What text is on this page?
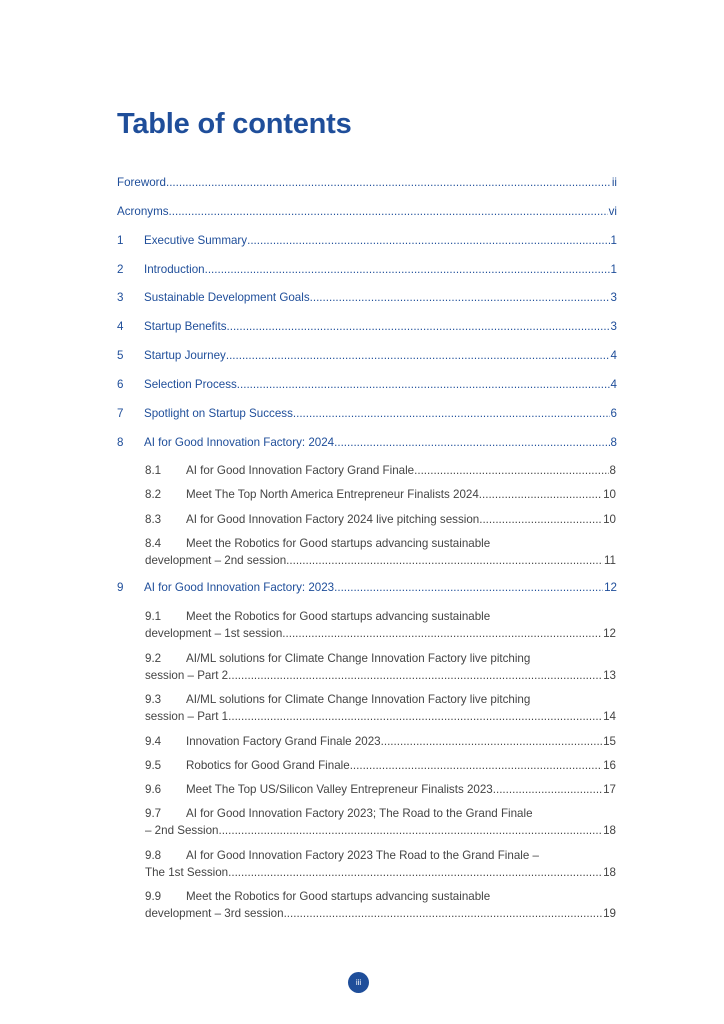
Table of contents
Foreword .....	ii
Acronyms .....	vi
1	Executive Summary .....	1
2	Introduction .....	1
3	Sustainable Development Goals .....	3
4	Startup Benefits .....	3
5	Startup Journey .....	4
6	Selection Process .....	4
7	Spotlight on Startup Success .....	6
8	AI for Good Innovation Factory: 2024 .....	8
8.1	AI for Good Innovation Factory Grand Finale .....	8
8.2	Meet The Top North America Entrepreneur Finalists 2024 .....	10
8.3	AI for Good Innovation Factory 2024 live pitching session .....	10
8.4 Meet the Robotics for Good startups advancing sustainable
development – 2nd session .....	11
9	AI for Good Innovation Factory: 2023 .....	12
9.1 Meet the Robotics for Good startups advancing sustainable
development – 1st session .....	12
9.2 AI/ML solutions for Climate Change Innovation Factory live pitching
session – Part 2 .....	13
9.3 AI/ML solutions for Climate Change Innovation Factory live pitching
session – Part 1 .....	14
9.4	Innovation Factory Grand Finale 2023 .....	15
9.5	Robotics for Good Grand Finale .....	16
9.6	Meet The Top US/Silicon Valley Entrepreneur Finalists 2023 .....	17
9.7 AI for Good Innovation Factory 2023; The Road to the Grand Finale
– 2nd Session .....	18
9.8 AI for Good Innovation Factory 2023 The Road to the Grand Finale –
The 1st Session .....	18
9.9 Meet the Robotics for Good startups advancing sustainable
development – 3rd session .....	19
iii
